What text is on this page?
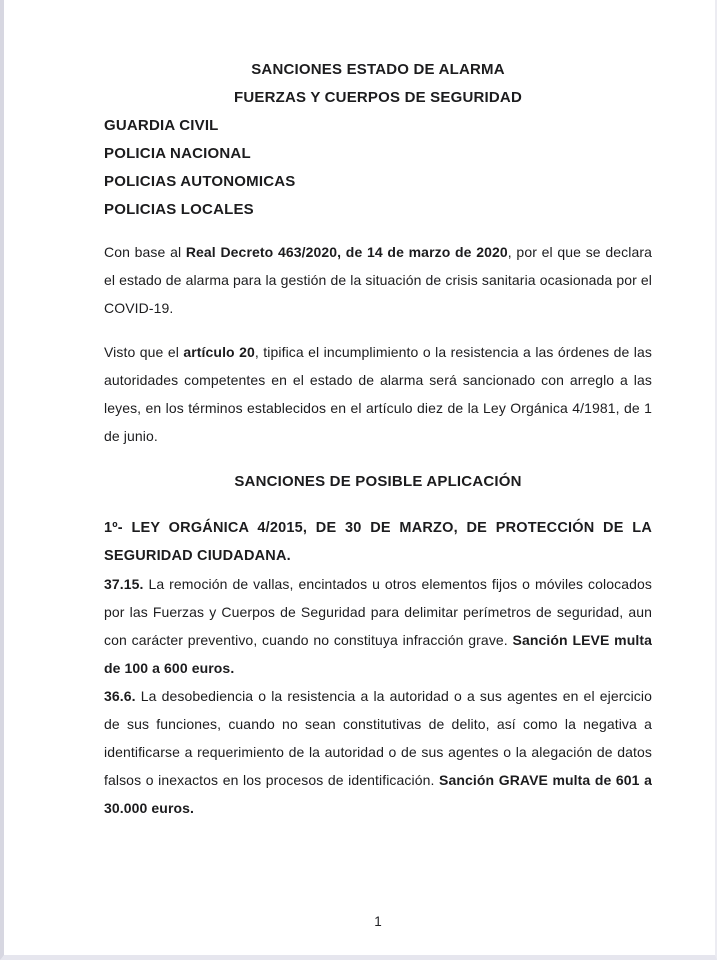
SANCIONES ESTADO DE ALARMA

FUERZAS Y CUERPOS DE SEGURIDAD

GUARDIA CIVIL

POLICIA NACIONAL

POLICIAS AUTONOMICAS

POLICIAS LOCALES

Con base al Real Decreto 463/2020, de 14 de marzo de 2020, por el que se declara el estado de alarma para la gestión de la situación de crisis sanitaria ocasionada por el COVID-19.

Visto que el artículo 20, tipifica el incumplimiento o la resistencia a las órdenes de las autoridades competentes en el estado de alarma será sancionado con arreglo a las leyes, en los términos establecidos en el artículo diez de la Ley Orgánica 4/1981, de 1 de junio.

SANCIONES DE POSIBLE APLICACIÓN

1º- LEY ORGÁNICA 4/2015, DE 30 DE MARZO, DE PROTECCIÓN DE LA SEGURIDAD CIUDADANA.

37.15. La remoción de vallas, encintados u otros elementos fijos o móviles colocados por las Fuerzas y Cuerpos de Seguridad para delimitar perímetros de seguridad, aun con carácter preventivo, cuando no constituya infracción grave. Sanción LEVE multa de 100 a 600 euros.

36.6. La desobediencia o la resistencia a la autoridad o a sus agentes en el ejercicio de sus funciones, cuando no sean constitutivas de delito, así como la negativa a identificarse a requerimiento de la autoridad o de sus agentes o la alegación de datos falsos o inexactos en los procesos de identificación. Sanción GRAVE multa de 601 a 30.000 euros.

1
